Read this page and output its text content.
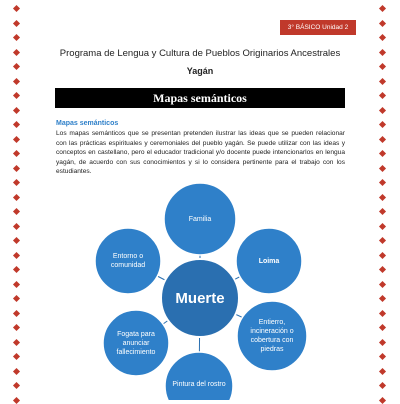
3° BÁSICO Unidad 2
Programa de Lengua y Cultura de Pueblos Originarios Ancestrales
Yagán
Mapas semánticos
Mapas semánticos
Los mapas semánticos que se presentan pretenden ilustrar las ideas que se pueden relacionar con las prácticas espirituales y ceremoniales del pueblo yagán. Se puede utilizar con las ideas y conceptos en castellano, pero el educador tradicional y/o docente puede intencionarlos en lengua yagán, de acuerdo con sus conocimientos y si lo considera pertinente para el trabajo con los estudiantes.
Familia
Entorno o comunidad
Loima
Fogata para anunciar fallecimiento
Entierro, incineración o cobertura con piedras
Pintura del rostro
Muerte
